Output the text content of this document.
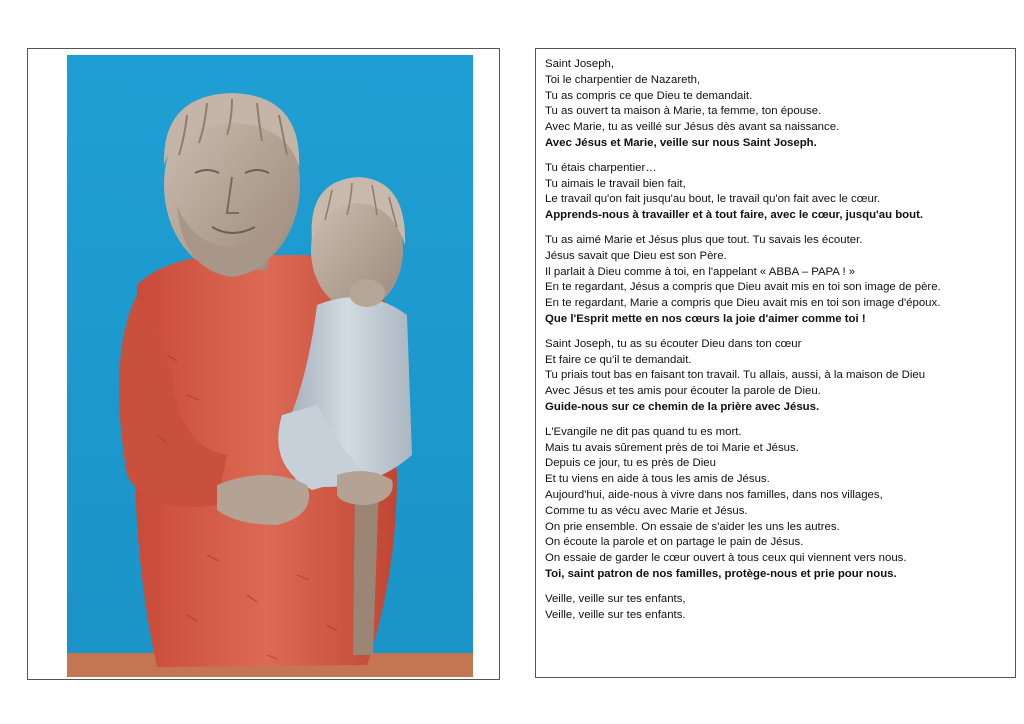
Saint Joseph,
Toi le charpentier de Nazareth,
Tu as compris ce que Dieu te demandait.
Tu as ouvert ta maison à Marie, ta femme, ton épouse.
Avec Marie, tu as veillé sur Jésus dès avant sa naissance.
Avec Jésus et Marie, veille sur nous Saint Joseph.
Tu étais charpentier…
Tu aimais le travail bien fait,
Le travail qu'on fait jusqu'au bout, le travail qu'on fait avec le cœur.
Apprends-nous à travailler et à tout faire, avec le cœur, jusqu'au bout.
Tu as aimé Marie et Jésus plus que tout. Tu savais les écouter.
Jésus savait que Dieu est son Père.
Il parlait à Dieu comme à toi, en l'appelant « ABBA – PAPA ! »
En te regardant, Jésus a compris que Dieu avait mis en toi son image de père.
En te regardant, Marie a compris que Dieu avait mis en toi son image d'époux.
Que l'Esprit mette en nos cœurs la joie d'aimer comme toi !
Saint Joseph, tu as su écouter Dieu dans ton cœur
Et faire ce qu'il te demandait.
Tu priais tout bas en faisant ton travail. Tu allais, aussi, à la maison de Dieu
Avec Jésus et tes amis pour écouter la parole de Dieu.
Guide-nous sur ce chemin de la prière avec Jésus.
L'Evangile ne dit pas quand tu es mort.
Mais tu avais sûrement près de toi Marie et Jésus.
Depuis ce jour, tu es près de Dieu
Et tu viens en aide à tous les amis de Jésus.
Aujourd'hui, aide-nous à vivre dans nos familles, dans nos villages,
Comme tu as vécu avec Marie et Jésus.
On prie ensemble. On essaie de s'aider les uns les autres.
On écoute la parole et on partage le pain de Jésus.
On essaie de garder le cœur ouvert à tous ceux qui viennent vers nous.
Toi, saint patron de nos familles, protège-nous et prie pour nous.
Veille, veille sur tes enfants,
Veille, veille sur tes enfants.
